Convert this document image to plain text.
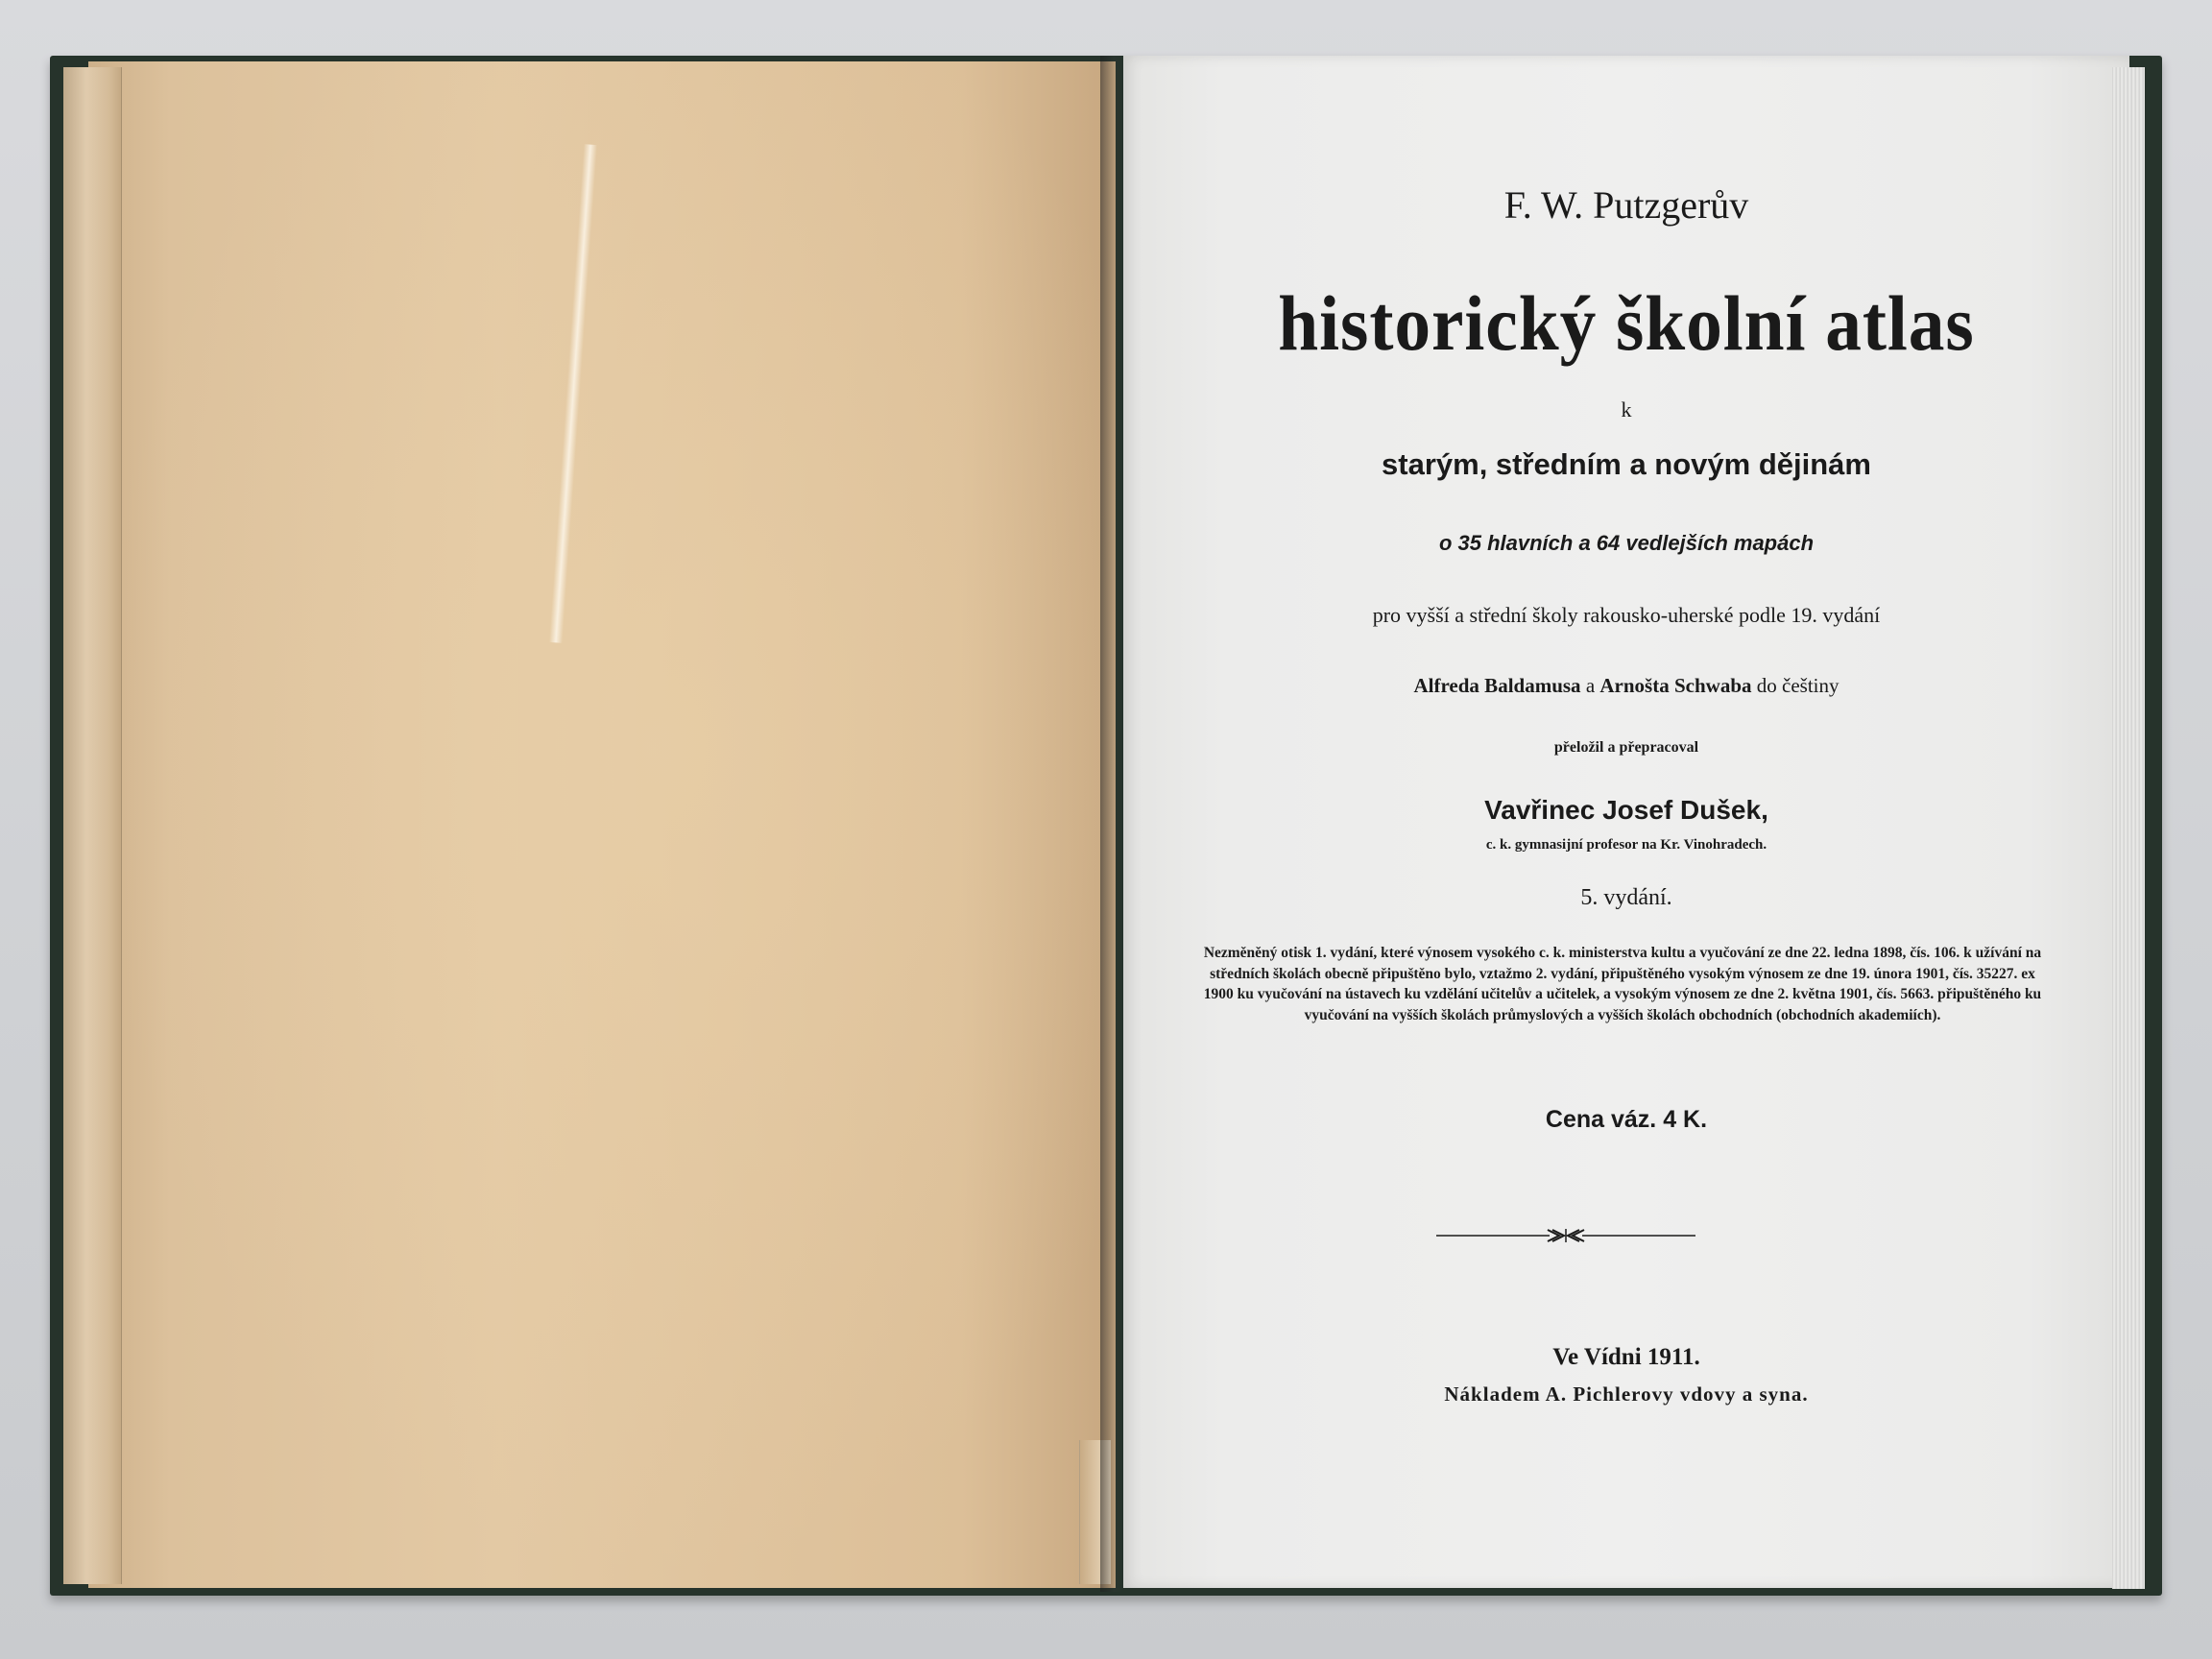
F. W. Putzgerův
historický školní atlas
k
starým, středním a novým dějinám
o 35 hlavních a 64 vedlejších mapách
pro vyšší a střední školy rakousko-uherské podle 19. vydání
Alfreda Baldamusa a Arnošta Schwaba do češtiny
přeložil a přepracoval
Vavřinec Josef Dušek,
c. k. gymnasijní profesor na Kr. Vinohradech.
5. vydání.
Nezměněný otisk 1. vydání, které výnosem vysokého c. k. ministerstva kultu a vyučování ze dne 22. ledna 1898, čís. 106. k užívání na středních školách obecně připuštěno bylo, vztažmo 2. vydání, připuštěného vysokým výnosem ze dne 19. února 1901, čís. 35227. ex 1900 ku vyučování na ústavech ku vzdělání učitelův a učitelek, a vysokým výnosem ze dne 2. května 1901, čís. 5663. připuštěného ku vyučování na vyšších školách průmyslových a vyšších školách obchodních (obchodních akademiích).
Cena váz. 4 K.
Ve Vídni 1911.
Nákladem A. Pichlerovy vdovy a syna.
